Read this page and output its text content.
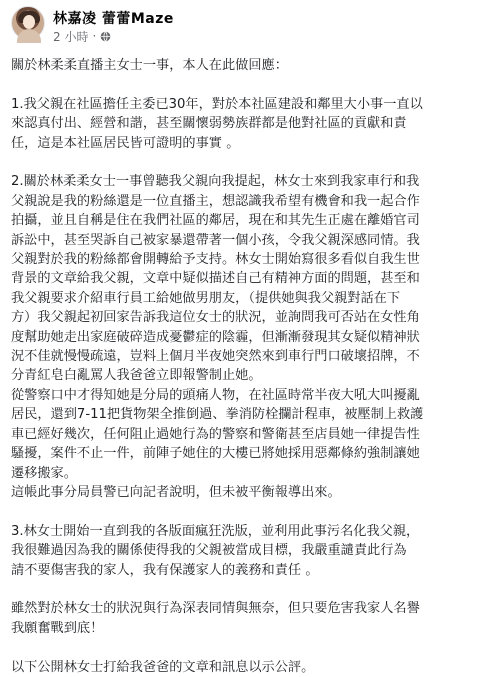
林嘉凌 蕾蕾Maze
2 小時 ·
關於林柔柔直播主女士一事，本人在此做回應：
1.我父親在社區擔任主委已30年，對於本社區建設和鄰里大小事一直以
來認真付出、經營和諧，甚至關懷弱勢族群都是他對社區的貢獻和責
任，這是本社區居民皆可證明的事實 。
2.關於林柔柔女士一事曾聽我父親向我提起，林女士來到我家車行和我
父親說是我的粉絲還是一位直播主，想認識我希望有機會和我一起合作
拍攝，並且自稱是住在我們社區的鄰居，現在和其先生正處在離婚官司
訴訟中，甚至哭訴自己被家暴還帶著一個小孩，令我父親深感同情。我
父親對於我的粉絲都會開轉給予支持。林女士開始寫很多看似自我生世
背景的文章給我父親，文章中疑似描述自己有精神方面的問題，甚至和
我父親要求介紹車行員工給她做男朋友，（提供她與我父親對話在下
方）我父親起初回家告訴我這位女士的狀況，並詢問我可否站在女性角
度幫助她走出家庭破碎造成憂鬱症的陰霾，但漸漸發現其女疑似精神狀
況不佳就慢慢疏遠，豈料上個月半夜她突然來到車行門口破壞招牌，不
分青紅皂白亂罵人我爸爸立即報警制止她。
從警察口中才得知她是分局的頭痛人物，在社區時常半夜大吼大叫擾亂
居民，還到7-11把貨物架全推倒過、拳消防栓攔計程車，被壓制上救護
車已經好幾次，任何阻止過她行為的警察和警衛甚至店員她一律提告性
騷擾，案件不止一件，前陣子她住的大樓已將她採用惡鄰條約強制讓她
遷移搬家。
這帳此事分局員警已向記者說明，但未被平衡報導出來。
3.林女士開始一直到我的各版面瘋狂洗版，並利用此事污名化我父親，
我很難過因為我的關係使得我的父親被當成目標，我嚴重譴責此行為
請不要傷害我的家人，我有保護家人的義務和責任 。
雖然對於林女士的狀況與行為深表同情與無奈，但只要危害我家人名譽
我願奮戰到底！
以下公開林女士打給我爸爸的文章和訊息以示公評。
